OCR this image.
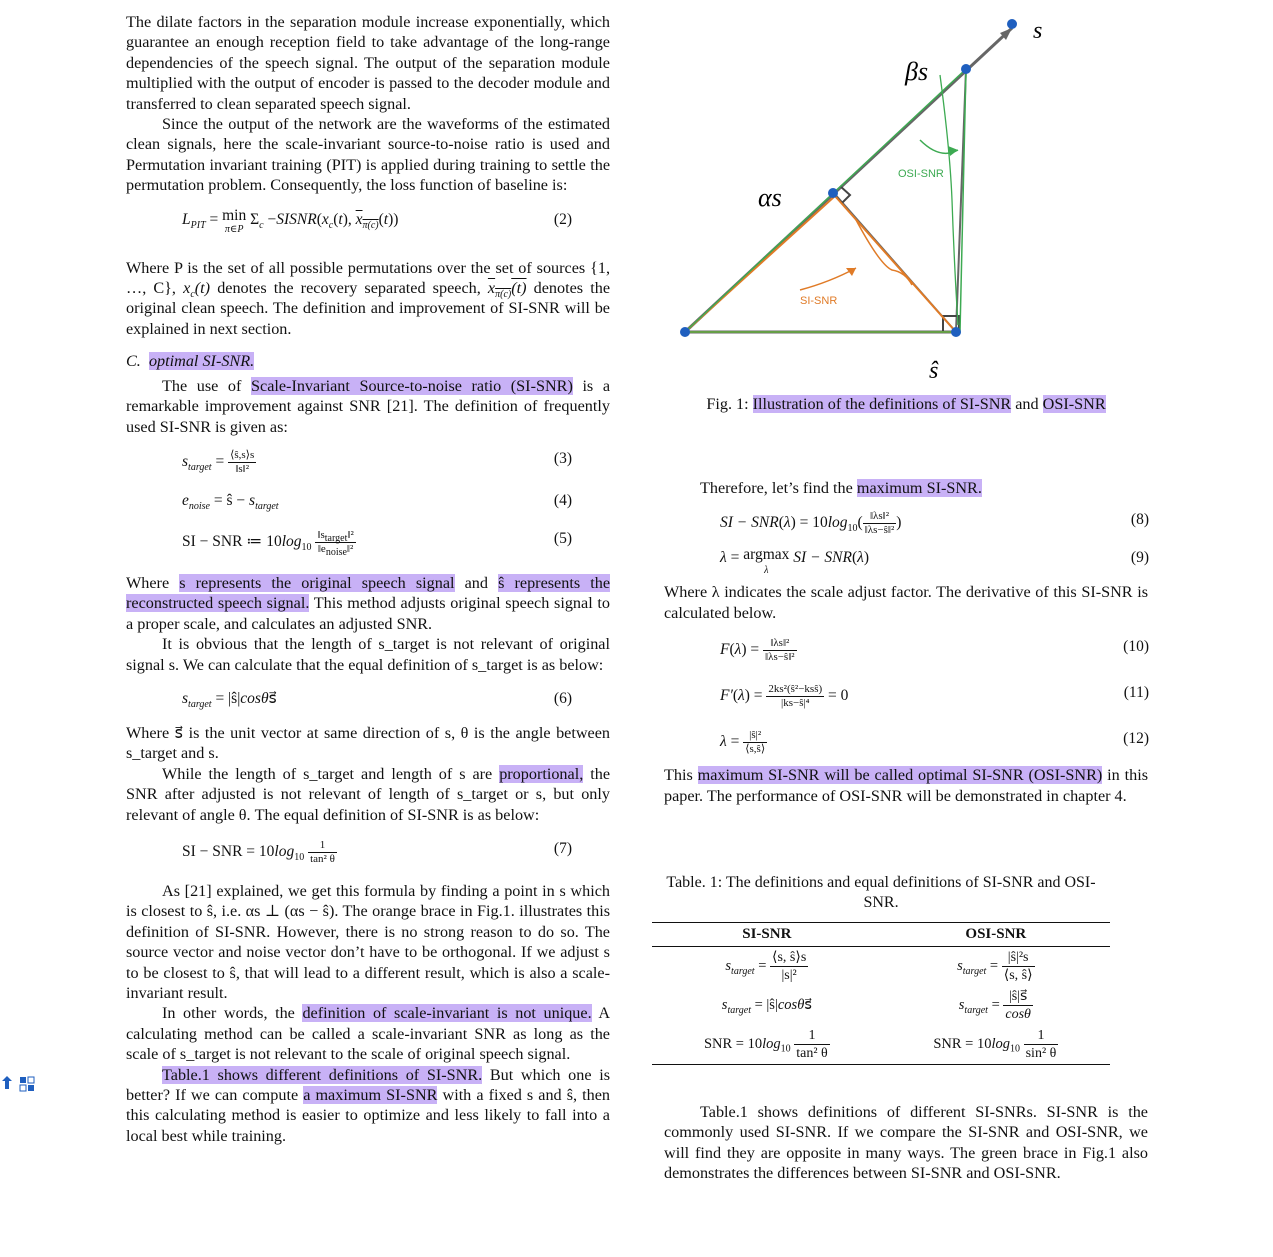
The dilate factors in the separation module increase exponentially, which guarantee an enough reception field to take advantage of the long-range dependencies of the speech signal. The output of the separation module multiplied with the output of encoder is passed to the decoder module and transferred to clean separated speech signal.

Since the output of the network are the waveforms of the estimated clean signals, here the scale-invariant source-to-noise ratio is used and Permutation invariant training (PIT) is applied during training to settle the permutation problem. Consequently, the loss function of baseline is:

$L_{PIT} = \min$
π∈P $\Sigma_c$ $-SISNR(x_c(t)$, $x_{\pi(c)}(t)$)	(2)

Where P is the set of all possible permutations over the set of sources {1, …, C}, $x_c(t)$ denotes the recovery separated speech, $x_{\pi(c)}(t)$ denotes the original clean speech. The definition and improvement of SI-SNR will be explained in next section.

C. optimal SI-SNR.

The use of Scale-Invariant Source-to-noise ratio (SI-SNR) is a remarkable improvement against SNR [21]. The definition of frequently used SI-SNR is given as:

$s_{target} = \frac{⟨ŝ,s⟩s}{\text{‖s‖²}}$	(3)
$e_{noise}$ = ŝ − $s_{target}$	(4)
SI − SNR ≔ $10\log_{10} \frac{‖s_{target}‖^2}{‖e_{noise}‖^2}$	(5)

Where s represents the original speech signal and ŝ represents the reconstructed speech signal. This method adjusts original speech signal to a proper scale, and calculates an adjusted SNR.

It is obvious that the length of s_target is not relevant of original signal s. We can calculate that the equal definition of s_target is as below:

$s_{target}$ = |ŝ|cosθs⃗	(6)

Where s⃗ is the unit vector at same direction of s, θ is the angle between s_target and s.

While the length of s_target and length of s are proportional, the SNR after adjusted is not relevant of length of s_target or s, but only relevant of angle θ. The equal definition of SI-SNR is as below:

SI − SNR = $10\log_{10} \frac{1}{\text{tan² θ}}$	(7)

As [21] explained, we get this formula by finding a point in s which is closest to ŝ, i.e. αs ⊥ (αs − ŝ). The orange brace in Fig.1. illustrates this definition of SI-SNR. However, there is no strong reason to do so. The source vector and noise vector don’t have to be orthogonal. If we adjust s to be closest to ŝ, that will lead to a different result, which is also a scale-invariant result.

In other words, the definition of scale-invariant is not unique. A calculating method can be called a scale-invariant SNR as long as the scale of s_target is not relevant to the scale of original speech signal.

Table.1 shows different definitions of SI-SNR. But which one is better? If we can compute a maximum SI-SNR with a fixed s and ŝ, then this calculating method is easier to optimize and less likely to fall into a local best while training.

s
βs
αs
ŝ
OSI-SNR
SI-SNR
Fig. 1: Illustration of the definitions of SI-SNR and OSI-SNR

Therefore, let’s find the maximum SI-SNR.

SI − $SNR(\lambda) = 10\log_{10}( \frac{\text{‖λs‖²}}{\text{‖λs−ŝ‖²}}$ )	(8)
λ = argmax
λ SI − SNR(λ)	(9)

Where λ indicates the scale adjust factor. The derivative of this SI-SNR is calculated below.

$F(\lambda) = \frac{\text{‖λs‖²}}{\text{‖λs−ŝ‖²}}$	(10)
$F'(\lambda) = \frac{\text{2ks²(ŝ²−ksŝ)}}{\text{|ks−ŝ|⁴}} = 0$	(11)
$\lambda = \frac{\text{|ŝ|²}}{⟨s,ŝ⟩}$	(12)

This maximum SI-SNR will be called optimal SI-SNR (OSI-SNR) in this paper. The performance of OSI-SNR will be demonstrated in chapter 4.

Table. 1: The definitions and equal definitions of SI-SNR and OSI-SNR.
SI-SNR	OSI-SNR
$s_{target} = \frac{⟨s, ŝ⟩s}{\text{|s|²}}$	$s_{target} = \frac{\text{|ŝ|²s}}{⟨s, ŝ⟩}$

$s_{target}$ = |ŝ|cosθs⃗	$s_{target} = \frac{|ŝ|s⃗}{\cos\theta}$

SNR = $10\log_{10} \frac{1}{\text{tan² θ}}$	SNR = $10\log_{10} \frac{1}{\text{sin² θ}}$

Table.1 shows definitions of different SI-SNRs. SI-SNR is the commonly used SI-SNR. If we compare the SI-SNR and OSI-SNR, we will find they are opposite in many ways. The green brace in Fig.1 also demonstrates the differences between SI-SNR and OSI-SNR.
